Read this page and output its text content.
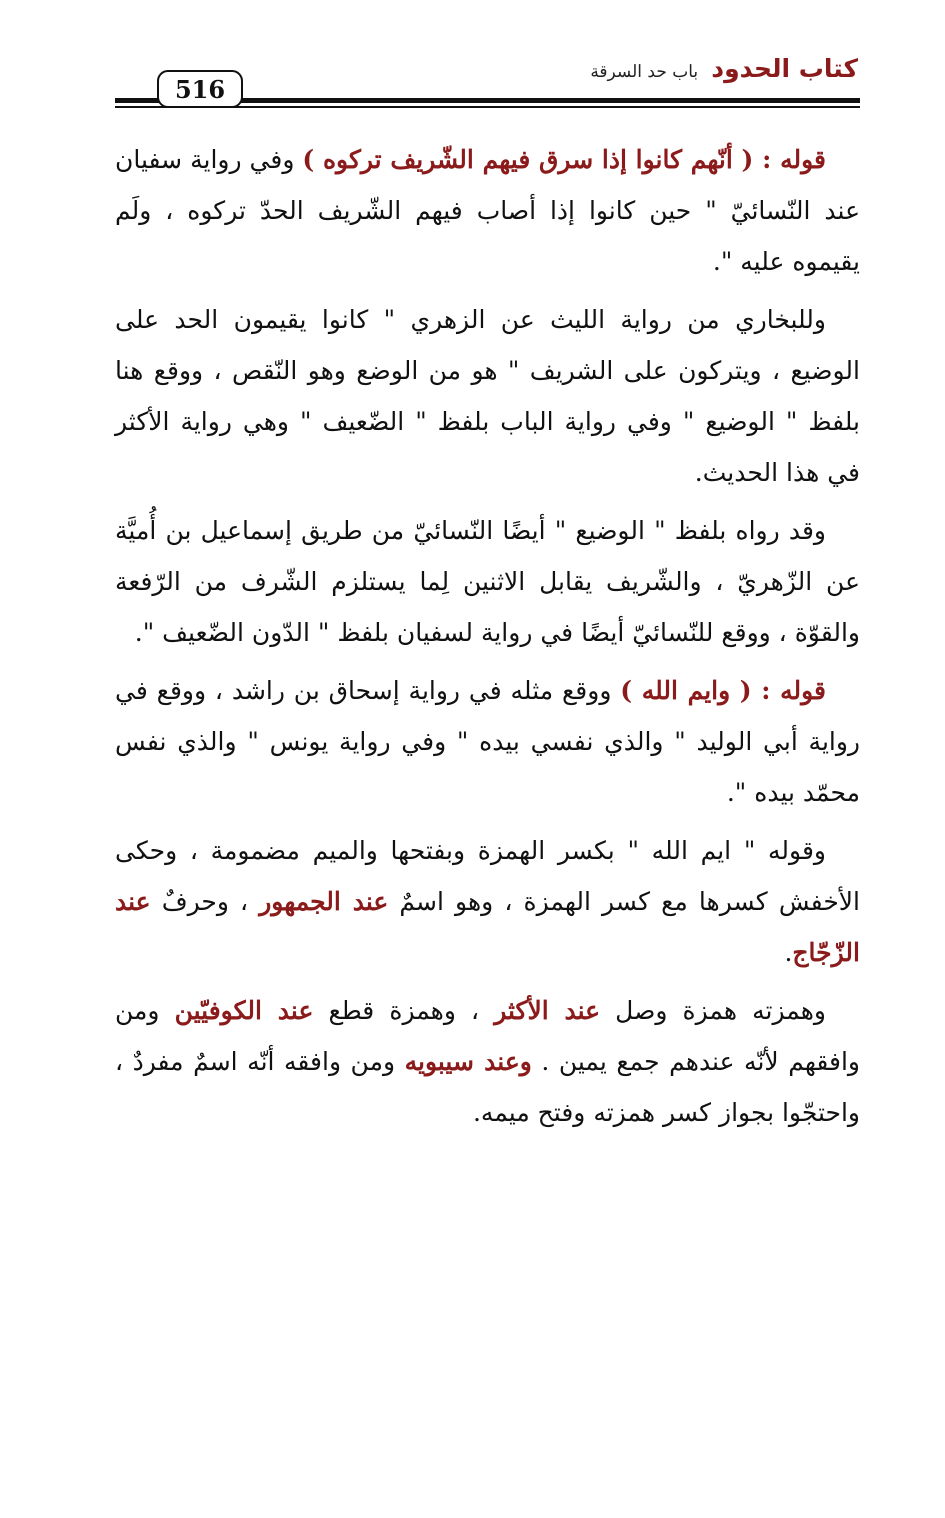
كتاب الحدود باب حد السرقة
516

قوله : ( أنّهم كانوا إذا سرق فيهم الشّريف تركوه ) وفي رواية سفيان عند النّسائيّ " حين كانوا إذا أصاب فيهم الشّريف الحدّ تركوه ، ولَم يقيموه عليه ".

وللبخاري من رواية الليث عن الزهري " كانوا يقيمون الحد على الوضيع ، ويتركون على الشريف " هو من الوضع وهو النّقص ، ووقع هنا بلفظ " الوضيع " وفي رواية الباب بلفظ " الضّعيف " وهي رواية الأكثر في هذا الحديث.

وقد رواه بلفظ " الوضيع " أيضًا النّسائيّ من طريق إسماعيل بن أُميَّة عن الزّهريّ ، والشّريف يقابل الاثنين لِما يستلزم الشّرف من الرّفعة والقوّة ، ووقع للنّسائيّ أيضًا في رواية لسفيان بلفظ " الدّون الضّعيف ".

قوله : ( وايم الله ) ووقع مثله في رواية إسحاق بن راشد ، ووقع في رواية أبي الوليد " والذي نفسي بيده " وفي رواية يونس " والذي نفس محمّد بيده ".

وقوله " ايم الله " بكسر الهمزة وبفتحها والميم مضمومة ، وحكى الأخفش كسرها مع كسر الهمزة ، وهو اسمٌ عند الجمهور ، وحرفٌ عند الزّجّاج.

وهمزته همزة وصل عند الأكثر ، وهمزة قطع عند الكوفيّين ومن وافقهم لأنّه عندهم جمع يمين . وعند سيبويه ومن وافقه أنّه اسمٌ مفردٌ ، واحتجّوا بجواز كسر همزته وفتح ميمه.
